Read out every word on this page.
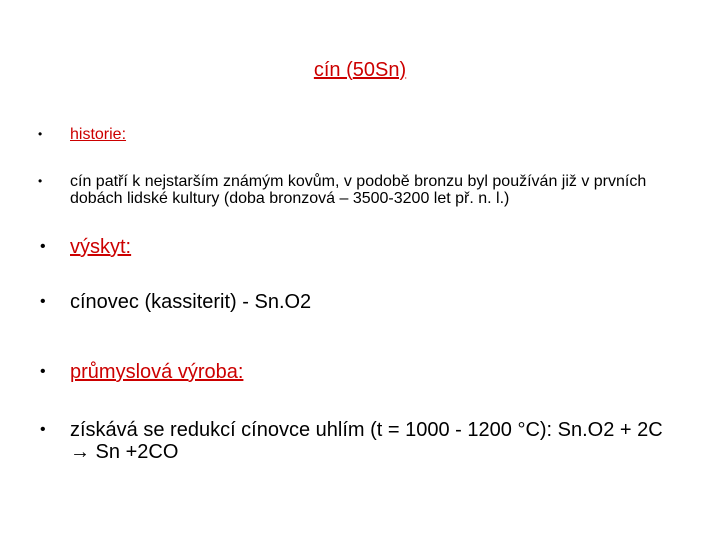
cín (50Sn)
• historie:
• cín patří k nejstarším známým kovům, v podobě bronzu byl používán již v prvních dobách lidské kultury (doba bronzová – 3500-3200 let př. n. l.)
• výskyt:
• cínovec (kassiterit) - Sn.O2
• průmyslová výroba:
• získává se redukcí cínovce uhlím (t = 1000 - 1200 °C): Sn.O2 + 2C → Sn +2CO
